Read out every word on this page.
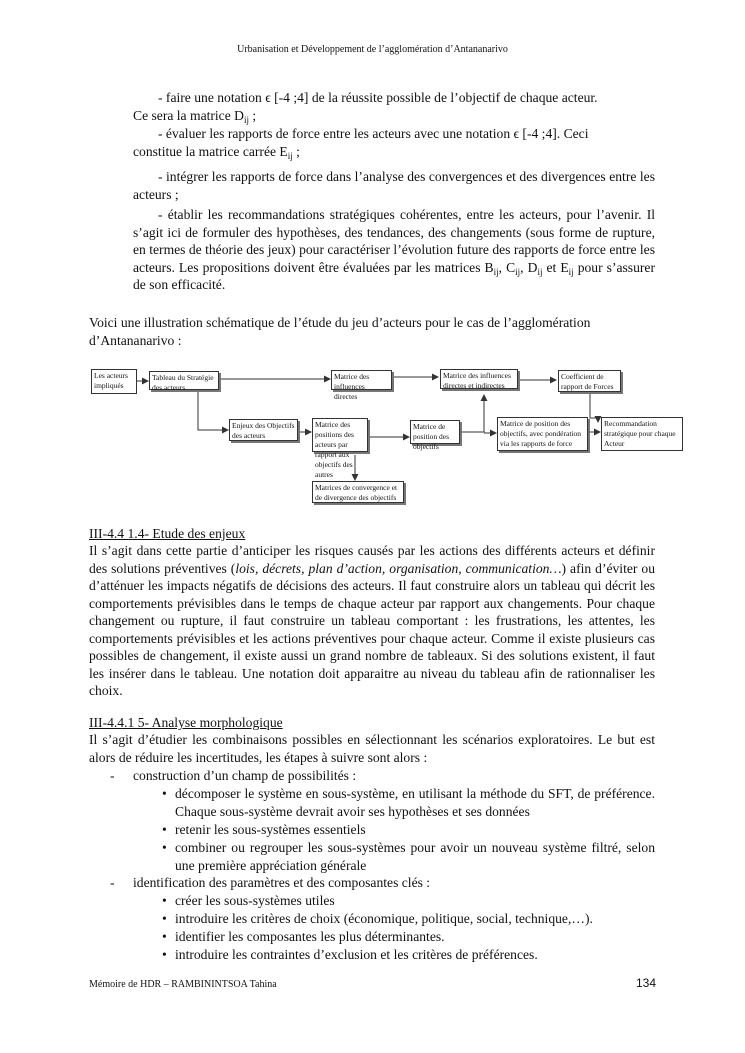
Urbanisation et Développement de l’agglomération d’Antananarivo
- faire une notation ϵ [-4 ;4] de la réussite possible de l’objectif de chaque acteur.
Ce sera la matrice $D_{ij}$ ;
- évaluer les rapports de force entre les acteurs avec une notation ϵ [-4 ;4]. Ceci
constitue la matrice carrée $E_{ij}$ ;
- intégrer les rapports de force dans l’analyse des convergences et des divergences entre les acteurs ;
- établir les recommandations stratégiques cohérentes, entre les acteurs, pour l’avenir. Il s’agit ici de formuler des hypothèses, des tendances, des changements (sous forme de rupture, en termes de théorie des jeux) pour caractériser l’évolution future des rapports de force entre les acteurs. Les propositions doivent être évaluées par les matrices $B_{ij}$, $C_{ij}$, $D_{ij}$ et $E_{ij}$ pour s’assurer de son efficacité.
Voici une illustration schématique de l’étude du jeu d’acteurs pour le cas de l’agglomération d’Antananarivo :
Les acteurs impliqués
Tableau du Stratégie des acteurs
Matrice des influences directes
Matrice des influences directes et indirectes
Coefficient de rapport de Forces
Enjeux des Objectifs des acteurs
Matrice des positions des acteurs par rapport aux objectifs des autres
Matrice de position des objectifs
Matrice de position des objectifs, avec pondération via les rapports de force
Recommandation stratégique pour chaque Acteur
Matrices de convergence et de divergence des objectifs
III-4.4 1.4- Etude des enjeux
Il s’agit dans cette partie d’anticiper les risques causés par les actions des différents acteurs et définir des solutions préventives (lois, décrets, plan d’action, organisation, communication…) afin d’éviter ou d’atténuer les impacts négatifs de décisions des acteurs. Il faut construire alors un tableau qui décrit les comportements prévisibles dans le temps de chaque acteur par rapport aux changements. Pour chaque changement ou rupture, il faut construire un tableau comportant : les frustrations, les attentes, les comportements prévisibles et les actions préventives pour chaque acteur. Comme il existe plusieurs cas possibles de changement, il existe aussi un grand nombre de tableaux. Si des solutions existent, il faut les insérer dans le tableau. Une notation doit apparaitre au niveau du tableau afin de rationnaliser les choix.
III-4.4.1 5- Analyse morphologique
Il s’agit d’étudier les combinaisons possibles en sélectionnant les scénarios exploratoires. Le but est alors de réduire les incertitudes, les étapes à suivre sont alors :
- construction d’un champ de possibilités :
• décomposer le système en sous-système, en utilisant la méthode du SFT, de préférence. Chaque sous-système devrait avoir ses hypothèses et ses données
• retenir les sous-systèmes essentiels
• combiner ou regrouper les sous-systèmes pour avoir un nouveau système filtré, selon une première appréciation générale
- identification des paramètres et des composantes clés :
• créer les sous-systèmes utiles
• introduire les critères de choix (économique, politique, social, technique,…).
• identifier les composantes les plus déterminantes.
• introduire les contraintes d’exclusion et les critères de préférences.
Mémoire de HDR – RAMBININTSOA Tahina	134
